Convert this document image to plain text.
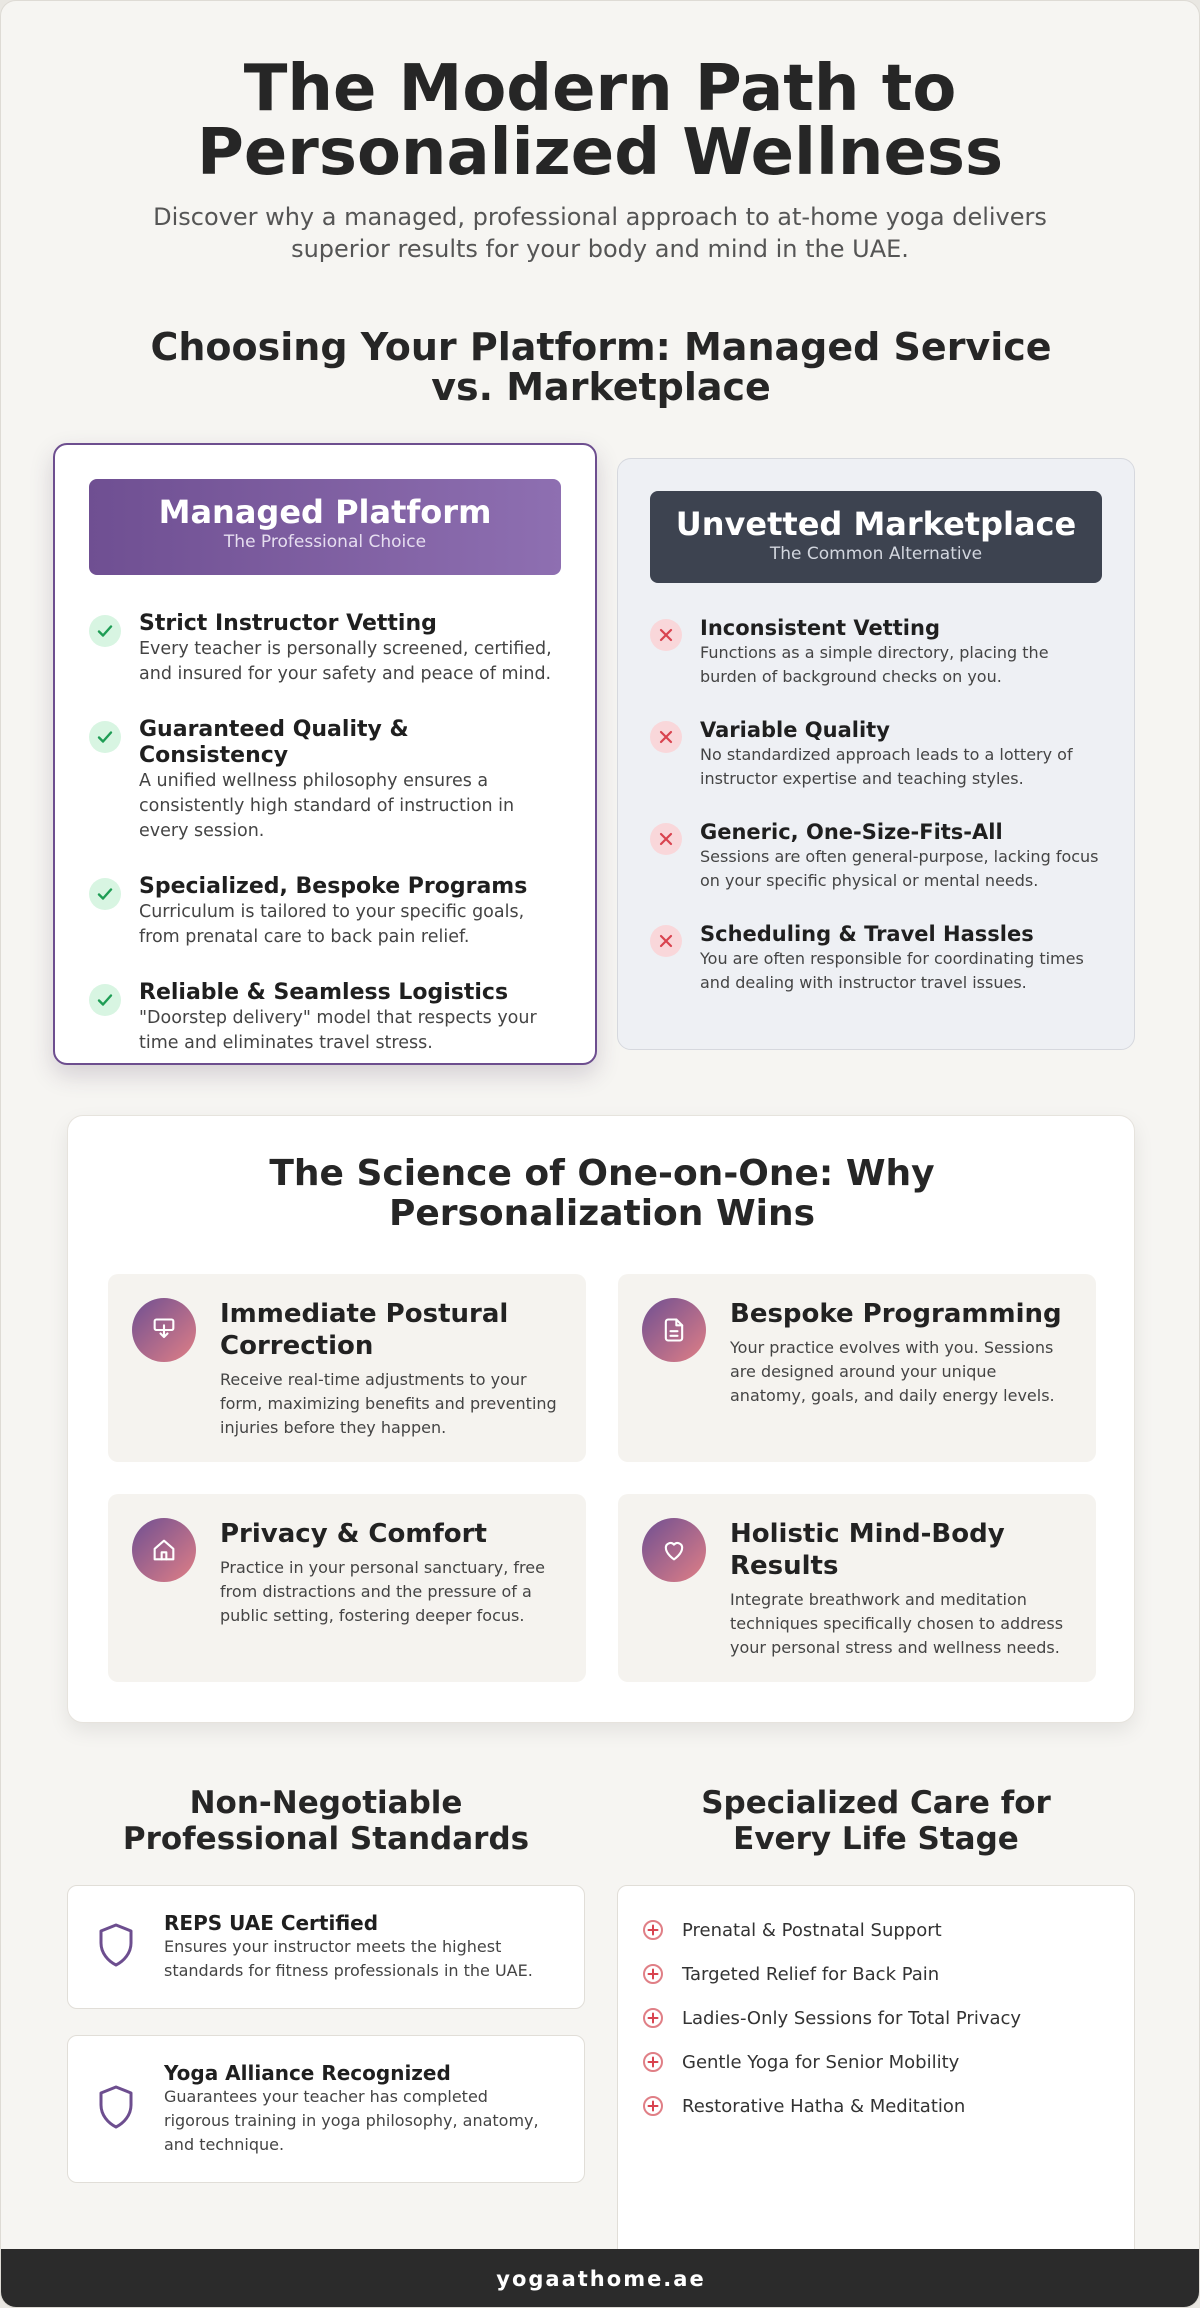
The Modern Path to Personalized Wellness

Discover why a managed, professional approach to at-home yoga delivers superior results for your body and mind in the UAE.

Choosing Your Platform: Managed Service vs. Marketplace
Managed Platform
The Professional Choice
Strict Instructor Vetting
Every teacher is personally screened, certified, and insured for your safety and peace of mind.
Guaranteed Quality & Consistency
A unified wellness philosophy ensures a consistently high standard of instruction in every session.
Specialized, Bespoke Programs
Curriculum is tailored to your specific goals, from prenatal care to back pain relief.
Reliable & Seamless Logistics
"Doorstep delivery" model that respects your time and eliminates travel stress.
Unvetted Marketplace
The Common Alternative
Inconsistent Vetting
Functions as a simple directory, placing the burden of background checks on you.
Variable Quality
No standardized approach leads to a lottery of instructor expertise and teaching styles.
Generic, One-Size-Fits-All
Sessions are often general-purpose, lacking focus on your specific physical or mental needs.
Scheduling & Travel Hassles
You are often responsible for coordinating times and dealing with instructor travel issues.
The Science of One-on-One: Why Personalization Wins
Immediate Postural Correction
Receive real-time adjustments to your form, maximizing benefits and preventing injuries before they happen.
Bespoke Programming
Your practice evolves with you. Sessions are designed around your unique anatomy, goals, and daily energy levels.
Privacy & Comfort
Practice in your personal sanctuary, free from distractions and the pressure of a public setting, fostering deeper focus.
Holistic Mind-Body Results
Integrate breathwork and meditation techniques specifically chosen to address your personal stress and wellness needs.
Non-Negotiable Professional Standards
REPS UAE Certified
Ensures your instructor meets the highest standards for fitness professionals in the UAE.
Yoga Alliance Recognized
Guarantees your teacher has completed rigorous training in yoga philosophy, anatomy, and technique.
Specialized Care for Every Life Stage
Prenatal & Postnatal Support
Targeted Relief for Back Pain
Ladies-Only Sessions for Total Privacy
Gentle Yoga for Senior Mobility
Restorative Hatha & Meditation
yogaathome.ae
